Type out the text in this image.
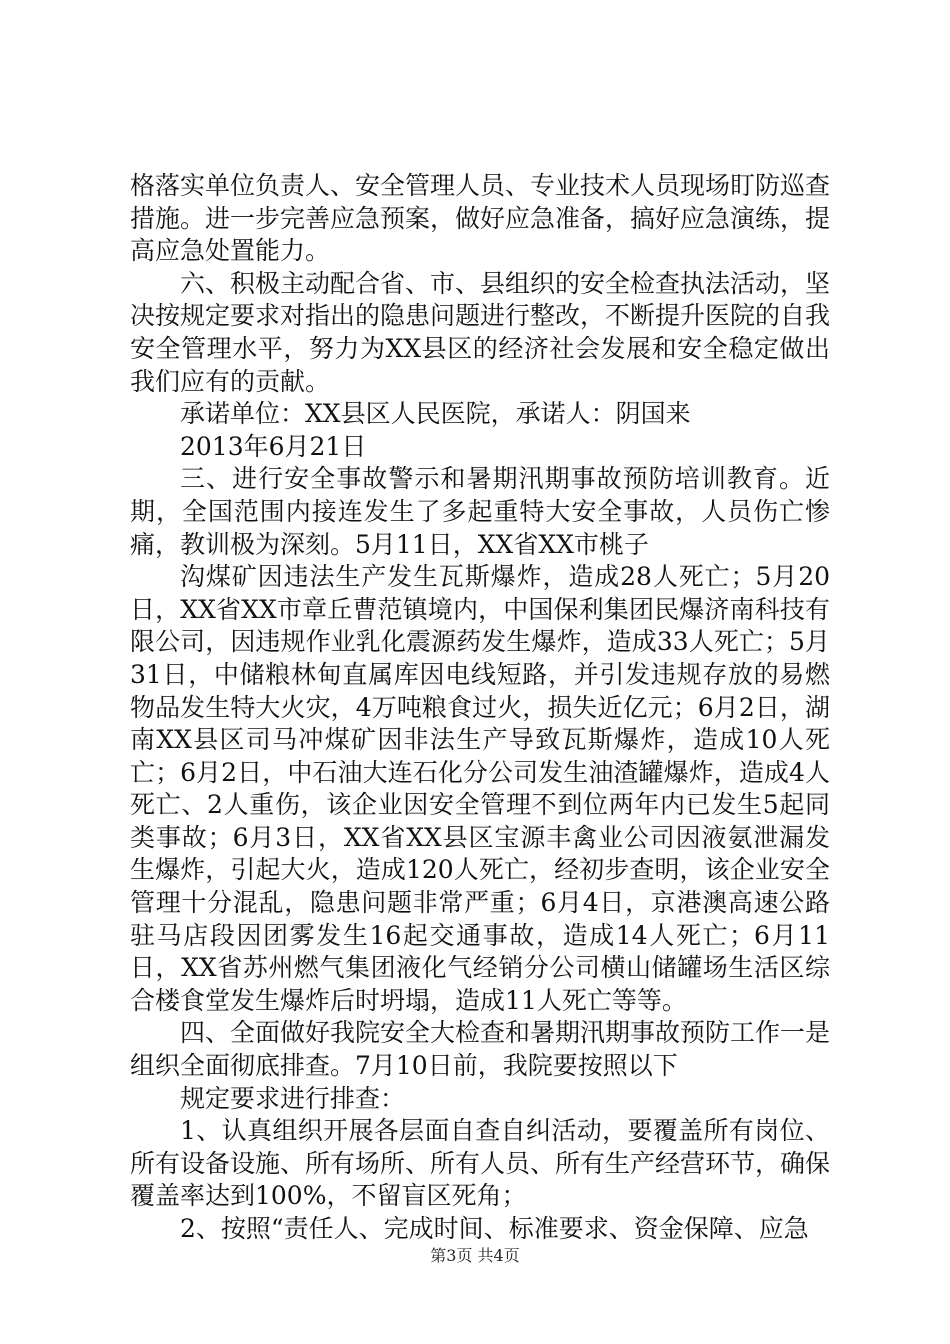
格落实单位负责人、安全管理人员、专业技术人员现场盯防巡查措施。进一步完善应急预案，做好应急准备，搞好应急演练，提高应急处置能力。

六、积极主动配合省、市、县组织的安全检查执法活动，坚决按规定要求对指出的隐患问题进行整改，不断提升医院的自我安全管理水平，努力为XX县区的经济社会发展和安全稳定做出我们应有的贡献。

承诺单位：XX县区人民医院，承诺人：阴国来

2013年6月21日

三、进行安全事故警示和暑期汛期事故预防培训教育。近期，全国范围内接连发生了多起重特大安全事故，人员伤亡惨痛，教训极为深刻。5月11日，XX省XX市桃子

沟煤矿因违法生产发生瓦斯爆炸，造成28人死亡；5月20日，XX省XX市章丘曹范镇境内，中国保利集团民爆济南科技有限公司，因违规作业乳化震源药发生爆炸，造成33人死亡；5月31日，中储粮林甸直属库因电线短路，并引发违规存放的易燃物品发生特大火灾，4万吨粮食过火，损失近亿元；6月2日，湖南XX县区司马冲煤矿因非法生产导致瓦斯爆炸，造成10人死亡；6月2日，中石油大连石化分公司发生油渣罐爆炸，造成4人死亡、2人重伤，该企业因安全管理不到位两年内已发生5起同类事故；6月3日，XX省XX县区宝源丰禽业公司因液氨泄漏发生爆炸，引起大火，造成120人死亡，经初步查明，该企业安全管理十分混乱，隐患问题非常严重；6月4日，京港澳高速公路驻马店段因团雾发生16起交通事故，造成14人死亡；6月11日，XX省苏州燃气集团液化气经销分公司横山储罐场生活区综合楼食堂发生爆炸后时坍塌，造成11人死亡等等。

四、全面做好我院安全大检查和暑期汛期事故预防工作一是组织全面彻底排查。7月10日前，我院要按照以下

规定要求进行排查：

1、认真组织开展各层面自查自纠活动，要覆盖所有岗位、所有设备设施、所有场所、所有人员、所有生产经营环节，确保覆盖率达到100%，不留盲区死角；

2、按照“责任人、完成时间、标准要求、资金保障、应急

第3页 共4页
